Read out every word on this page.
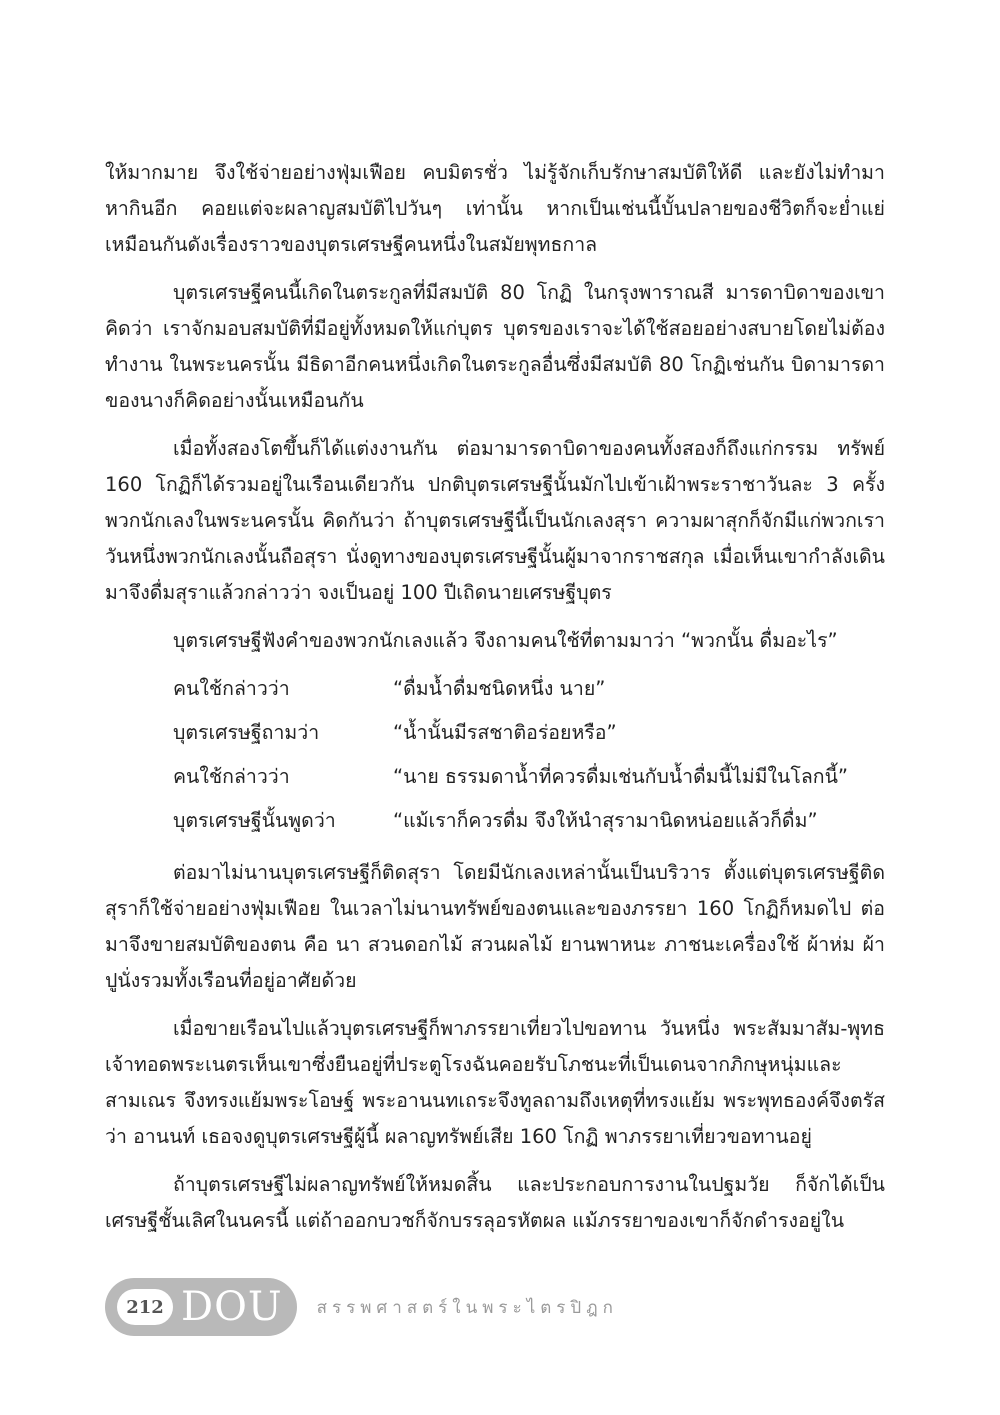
ให้มากมาย จึงใช้จ่ายอย่างฟุ่มเฟือย คบมิตรชั่ว ไม่รู้จักเก็บรักษาสมบัติให้ดี และยังไม่ทำมาหากินอีก คอยแต่จะผลาญสมบัติไปวันๆ เท่านั้น หากเป็นเช่นนี้บั้นปลายของชีวิตก็จะย่ำแย่เหมือนกันดังเรื่องราวของบุตรเศรษฐีคนหนึ่งในสมัยพุทธกาล

บุตรเศรษฐีคนนี้เกิดในตระกูลที่มีสมบัติ 80 โกฏิ ในกรุงพาราณสี มารดาบิดาของเขาคิดว่า เราจักมอบสมบัติที่มีอยู่ทั้งหมดให้แก่บุตร บุตรของเราจะได้ใช้สอยอย่างสบายโดยไม่ต้องทำงาน ในพระนครนั้น มีธิดาอีกคนหนึ่งเกิดในตระกูลอื่นซึ่งมีสมบัติ 80 โกฏิเช่นกัน บิดามารดาของนางก็คิดอย่างนั้นเหมือนกัน

เมื่อทั้งสองโตขึ้นก็ได้แต่งงานกัน ต่อมามารดาบิดาของคนทั้งสองก็ถึงแก่กรรม ทรัพย์ 160 โกฏิก็ได้รวมอยู่ในเรือนเดียวกัน ปกติบุตรเศรษฐีนั้นมักไปเข้าเฝ้าพระราชาวันละ 3 ครั้ง พวกนักเลงในพระนครนั้น คิดกันว่า ถ้าบุตรเศรษฐีนี้เป็นนักเลงสุรา ความผาสุกก็จักมีแก่พวกเรา วันหนึ่งพวกนักเลงนั้นถือสุรา นั่งดูทางของบุตรเศรษฐีนั้นผู้มาจากราชสกุล เมื่อเห็นเขากำลังเดินมาจึงดื่มสุราแล้วกล่าวว่า จงเป็นอยู่ 100 ปีเถิดนายเศรษฐีบุตร

บุตรเศรษฐีฟังคำของพวกนักเลงแล้ว จึงถามคนใช้ที่ตามมาว่า “พวกนั้น ดื่มอะไร”

คนใช้กล่าวว่า	“ดื่มน้ำดื่มชนิดหนึ่ง นาย”
บุตรเศรษฐีถามว่า	“น้ำนั้นมีรสชาติอร่อยหรือ”
คนใช้กล่าวว่า	“นาย ธรรมดาน้ำที่ควรดื่มเช่นกับน้ำดื่มนี้ไม่มีในโลกนี้”
บุตรเศรษฐีนั้นพูดว่า	“แม้เราก็ควรดื่ม จึงให้นำสุรามานิดหน่อยแล้วก็ดื่ม”

ต่อมาไม่นานบุตรเศรษฐีก็ติดสุรา โดยมีนักเลงเหล่านั้นเป็นบริวาร ตั้งแต่บุตรเศรษฐีติดสุราก็ใช้จ่ายอย่างฟุ่มเฟือย ในเวลาไม่นานทรัพย์ของตนและของภรรยา 160 โกฏิก็หมดไป ต่อมาจึงขายสมบัติของตน คือ นา สวนดอกไม้ สวนผลไม้ ยานพาหนะ ภาชนะเครื่องใช้ ผ้าห่ม ผ้าปูนั่งรวมทั้งเรือนที่อยู่อาศัยด้วย

เมื่อขายเรือนไปแล้วบุตรเศรษฐีก็พาภรรยาเที่ยวไปขอทาน วันหนึ่ง พระสัมมาสัม-พุทธเจ้าทอดพระเนตรเห็นเขาซึ่งยืนอยู่ที่ประตูโรงฉันคอยรับโภชนะที่เป็นเดนจากภิกษุหนุ่มและสามเณร จึงทรงแย้มพระโอษฐ์ พระอานนทเถระจึงทูลถามถึงเหตุที่ทรงแย้ม พระพุทธองค์จึงตรัสว่า อานนท์ เธอจงดูบุตรเศรษฐีผู้นี้ ผลาญทรัพย์เสีย 160 โกฏิ พาภรรยาเที่ยวขอทานอยู่

ถ้าบุตรเศรษฐีไม่ผลาญทรัพย์ให้หมดสิ้น และประกอบการงานในปฐมวัย ก็จักได้เป็นเศรษฐีชั้นเลิศในนครนี้ แต่ถ้าออกบวชก็จักบรรลุอรหัตผล แม้ภรรยาของเขาก็จักดำรงอยู่ใน

212 DOU สรรพศาสตร์ในพระไตรปิฎก
